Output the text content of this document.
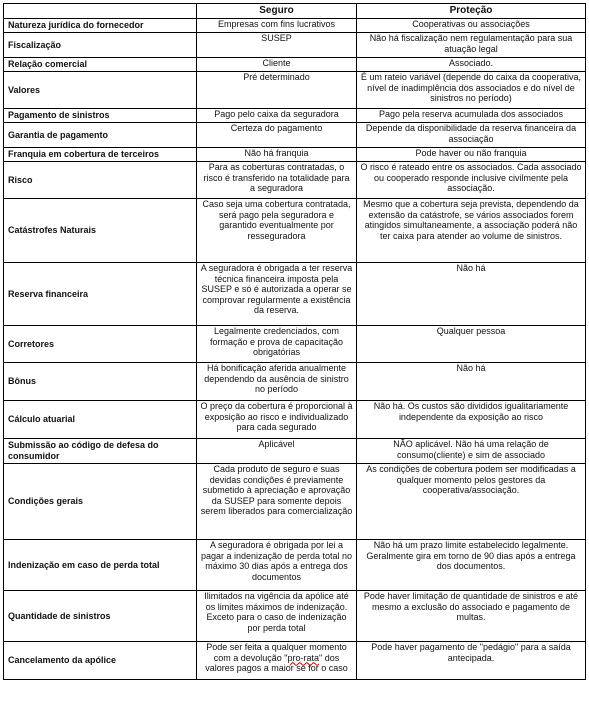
	Seguro	Proteção
Natureza jurídica do fornecedor	Empresas com fins lucrativos	Cooperativas ou associações
Fiscalização	SUSEP	Não há fiscalização nem regulamentação para sua atuação legal
Relação comercial	Cliente	Associado.
Valores	Pré determinado	É um rateio variável (depende do caixa da cooperativa, nível de inadimplência dos associados e do nível de sinistros no período)
Pagamento de sinistros	Pago pelo caixa da seguradora	Pago pela reserva acumulada dos associados
Garantia de pagamento	Certeza do pagamento	Depende da disponibilidade da reserva financeira da associação
Franquia em cobertura de terceiros	Não há franquia	Pode haver ou não franquia
Risco	Para as coberturas contratadas, o risco é transferido na totalidade para a seguradora	O risco é rateado entre os associados. Cada associado ou cooperado responde inclusive civilmente pela associação.
Catástrofes Naturais	Caso seja uma cobertura contratada, será pago pela seguradora e garantido eventualmente por resseguradora	Mesmo que a cobertura seja prevista, dependendo da extensão da catástrofe, se vários associados forem atingidos simultaneamente, a associação poderá não ter caixa para atender ao volume de sinistros.
Reserva financeira	A seguradora é obrigada a ter reserva técnica financeira imposta pela SUSEP e só é autorizada a operar se comprovar regularmente a existência da reserva.	Não há
Corretores	Legalmente credenciados, com formação e prova de capacitação obrigatórias	Qualquer pessoa
Bônus	Há bonificação aferida anualmente dependendo da ausência de sinistro no período	Não há
Cálculo atuarial	O preço da cobertura é proporcional à exposição ao risco e individualizado para cada segurado	Não há. Os custos são divididos igualitariamente independente da exposição ao risco
Submissão ao código de defesa do consumidor	Aplicável	NÃO aplicável. Não há uma relação de consumo(cliente) e sim de associado
Condições gerais	Cada produto de seguro e suas devidas condições é previamente submetido à apreciação e aprovação da SUSEP para somente depois serem liberados para comercialização	As condições de cobertura podem ser modificadas a qualquer momento pelos gestores da cooperativa/associação.
Indenização em caso de perda total	A seguradora é obrigada por lei a pagar a indenização de perda total no máximo 30 dias após a entrega dos documentos	Não há um prazo limite estabelecido legalmente. Geralmente gira em torno de 90 dias após a entrega dos documentos.
Quantidade de sinistros	Ilimitados na vigência da apólice até os limites máximos de indenização. Exceto para o caso de indenização por perda total	Pode haver limitação de quantidade de sinistros e até mesmo a exclusão do associado e pagamento de multas.
Cancelamento da apólice	Pode ser feita a qualquer momento com a devolução "pro-rata" dos valores pagos a maior se for o caso	Pode haver pagamento de "pedágio" para a saída antecipada.
